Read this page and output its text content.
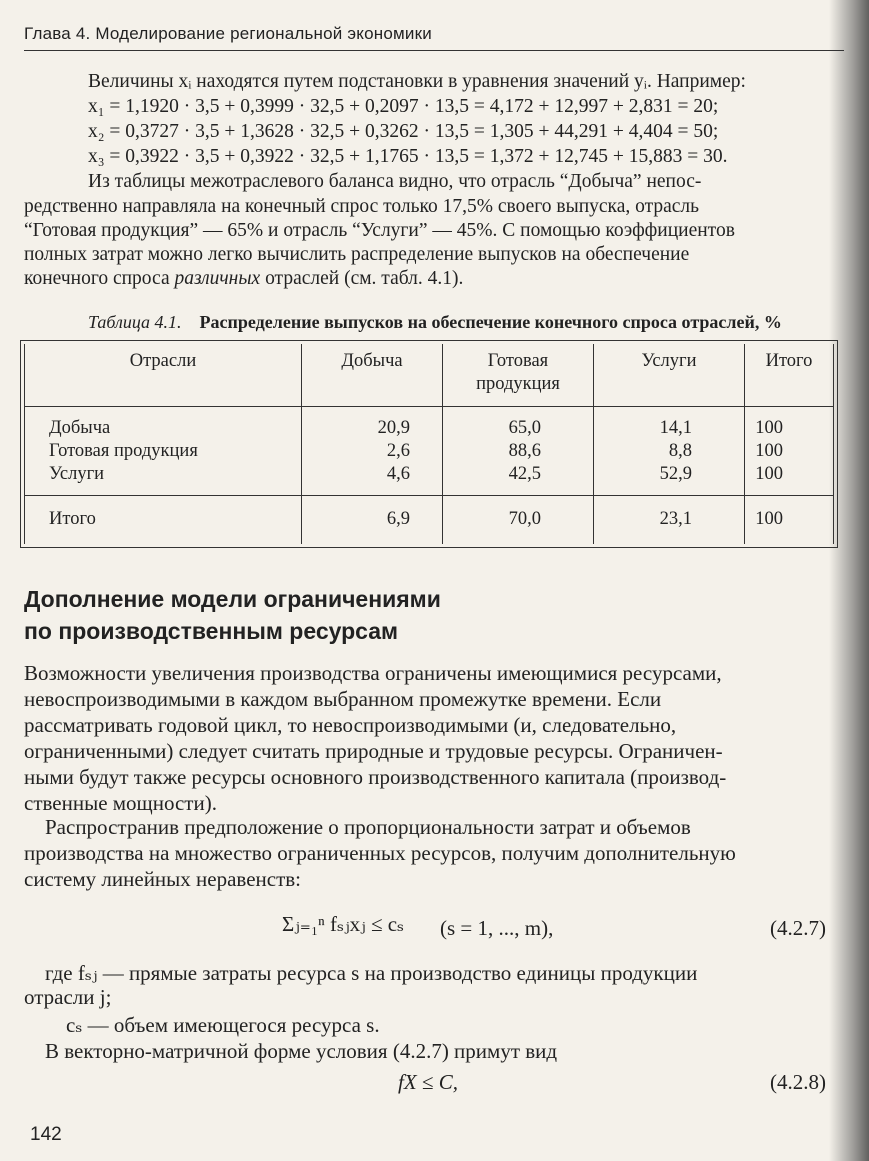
Глава 4. Моделирование региональной экономики
Величины xᵢ находятся путем подстановки в уравнения значений yᵢ. Например:
x₁ = 1,1920 · 3,5 + 0,3999 · 32,5 + 0,2097 · 13,5 = 4,172 + 12,997 + 2,831 = 20;
x₂ = 0,3727 · 3,5 + 1,3628 · 32,5 + 0,3262 · 13,5 = 1,305 + 44,291 + 4,404 = 50;
x₃ = 0,3922 · 3,5 + 0,3922 · 32,5 + 1,1765 · 13,5 = 1,372 + 12,745 + 15,883 = 30.
Из таблицы межотраслевого баланса видно, что отрасль “Добыча” непос-
редственно направляла на конечный спрос только 17,5% своего выпуска, отрасль
“Готовая продукция” — 65% и отрасль “Услуги” — 45%. С помощью коэффициентов
полных затрат можно легко вычислить распределение выпусков на обеспечение
конечного спроса различных отраслей (см. табл. 4.1).
Таблица 4.1. Распределение выпусков на обеспечение конечного спроса отраслей, %
Отрасли	Добыча	Готовая продукция	Услуги	Итого

Добыча	20,9	65,0	14,1	100
Готовая продукция	2,6	88,6	8,8	100
Услуги	4,6	42,5	52,9	100

Итого	6,9	70,0	23,1	100
Дополнение модели ограничениями
по производственным ресурсам
Возможности увеличения производства ограничены имеющимися ресурсами,
невоспроизводимыми в каждом выбранном промежутке времени. Если
рассматривать годовой цикл, то невоспроизводимыми (и, следовательно,
ограниченными) следует считать природные и трудовые ресурсы. Ограничен-
ными будут также ресурсы основного производственного капитала (производ-
ственные мощности).
Распространив предположение о пропорциональности затрат и объемов
производства на множество ограниченных ресурсов, получим дополнительную
систему линейных неравенств:
Σⱼ₌₁ⁿ fₛⱼxⱼ ≤ cₛ (s = 1, ..., m),	(4.2.7)
где fₛⱼ — прямые затраты ресурса s на производство единицы продукции
отрасли j;
cₛ — объем имеющегося ресурса s.
В векторно-матричной форме условия (4.2.7) примут вид
fX ≤ C,	(4.2.8)
142
